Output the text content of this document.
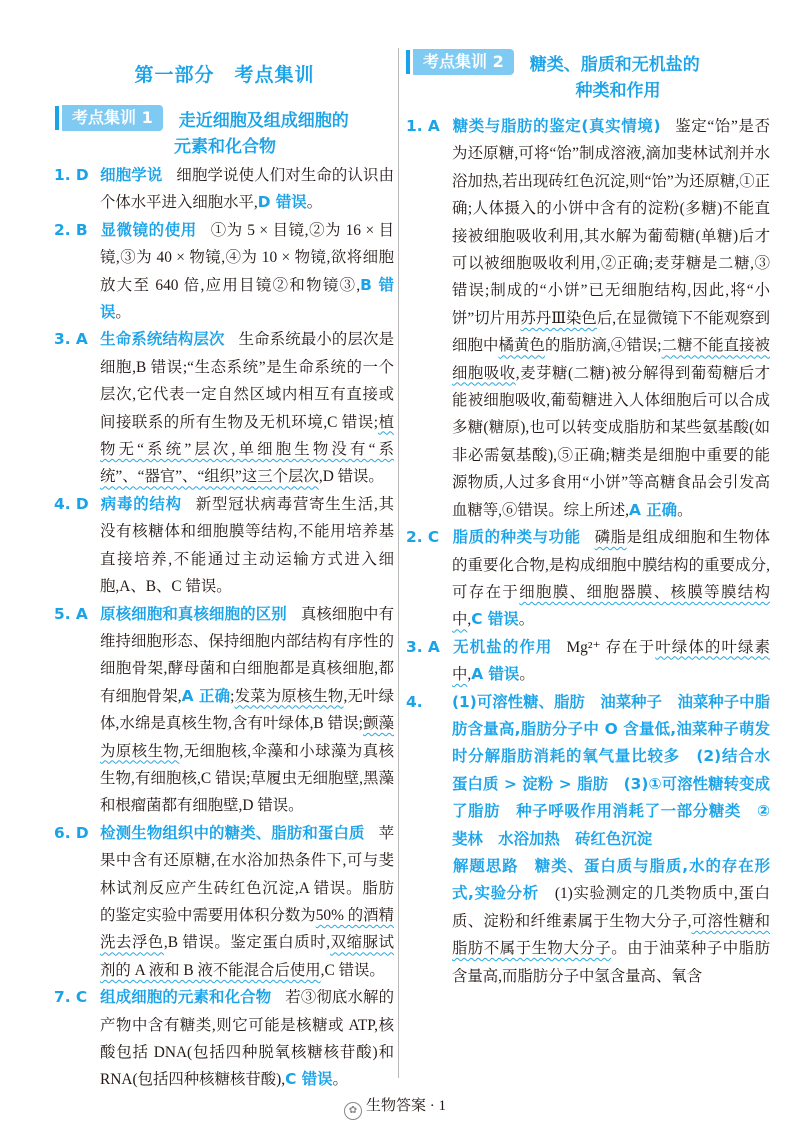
第一部分 考点集训
考点集训 1	走近细胞及组成细胞的
元素和化合物
考点集训 2	糖类、脂质和无机盐的
种类和作用

1. D 细胞学说 细胞学说使人们对生命的认识由个体水平进入细胞水平,D 错误。

2. B 显微镜的使用 ①为 5 × 目镜,②为 16 × 目镜,③为 40 × 物镜,④为 10 × 物镜,欲将细胞放大至 640 倍,应用目镜②和物镜③,B 错误。

3. A 生命系统结构层次 生命系统最小的层次是细胞,B 错误;“生态系统”是生命系统的一个层次,它代表一定自然区域内相互有直接或间接联系的所有生物及无机环境,C 错误;植物无“系统”层次,单细胞生物没有“系统”、“器官”、“组织”这三个层次,D 错误。

4. D 病毒的结构 新型冠状病毒营寄生生活,其没有核糖体和细胞膜等结构,不能用培养基直接培养,不能通过主动运输方式进入细胞,A、B、C 错误。

5. A 原核细胞和真核细胞的区别 真核细胞中有维持细胞形态、保持细胞内部结构有序性的细胞骨架,酵母菌和白细胞都是真核细胞,都有细胞骨架,A 正确;发菜为原核生物,无叶绿体,水绵是真核生物,含有叶绿体,B 错误;颤藻为原核生物,无细胞核,伞藻和小球藻为真核生物,有细胞核,C 错误;草履虫无细胞壁,黑藻和根瘤菌都有细胞壁,D 错误。

6. D 检测生物组织中的糖类、脂肪和蛋白质 苹果中含有还原糖,在水浴加热条件下,可与斐林试剂反应产生砖红色沉淀,A 错误。脂肪的鉴定实验中需要用体积分数为50% 的酒精洗去浮色,B 错误。鉴定蛋白质时,双缩脲试剂的 A 液和 B 液不能混合后使用,C 错误。

7. C 组成细胞的元素和化合物 若③彻底水解的产物中含有糖类,则它可能是核糖或 ATP,核酸包括 DNA(包括四种脱氧核糖核苷酸)和 RNA(包括四种核糖核苷酸),C 错误。

1. A 糖类与脂肪的鉴定(真实情境) 鉴定“饴”是否为还原糖,可将“饴”制成溶液,滴加斐林试剂并水浴加热,若出现砖红色沉淀,则“饴”为还原糖,①正确;人体摄入的小饼中含有的淀粉(多糖)不能直接被细胞吸收利用,其水解为葡萄糖(单糖)后才可以被细胞吸收利用,②正确;麦芽糖是二糖,③错误;制成的“小饼”已无细胞结构,因此,将“小饼”切片用苏丹Ⅲ染色后,在显微镜下不能观察到细胞中橘黄色的脂肪滴,④错误;二糖不能直接被细胞吸收,麦芽糖(二糖)被分解得到葡萄糖后才能被细胞吸收,葡萄糖进入人体细胞后可以合成多糖(糖原),也可以转变成脂肪和某些氨基酸(如非必需氨基酸),⑤正确;糖类是细胞中重要的能源物质,人过多食用“小饼”等高糖食品会引发高血糖等,⑥错误。综上所述,A 正确。

2. C 脂质的种类与功能 磷脂是组成细胞和生物体的重要化合物,是构成细胞中膜结构的重要成分,可存在于细胞膜、细胞器膜、核膜等膜结构中,C 错误。

3. A 无机盐的作用 Mg²⁺ 存在于叶绿体的叶绿素中,A 错误。

4. (1)可溶性糖、脂肪　油菜种子　油菜种子中脂肪含量高,脂肪分子中 O 含量低,油菜种子萌发时分解脂肪消耗的氧气量比较多　(2)结合水　蛋白质 > 淀粉 > 脂肪　(3)①可溶性糖转变成了脂肪　种子呼吸作用消耗了一部分糖类　②斐林　水浴加热　砖红色沉淀

解题思路　糖类、蛋白质与脂质,水的存在形式,实验分析　(1)实验测定的几类物质中,蛋白质、淀粉和纤维素属于生物大分子,可溶性糖和脂肪不属于生物大分子。由于油菜种子中脂肪含量高,而脂肪分子中氢含量高、氧含

✿ 生物答案 · 1
